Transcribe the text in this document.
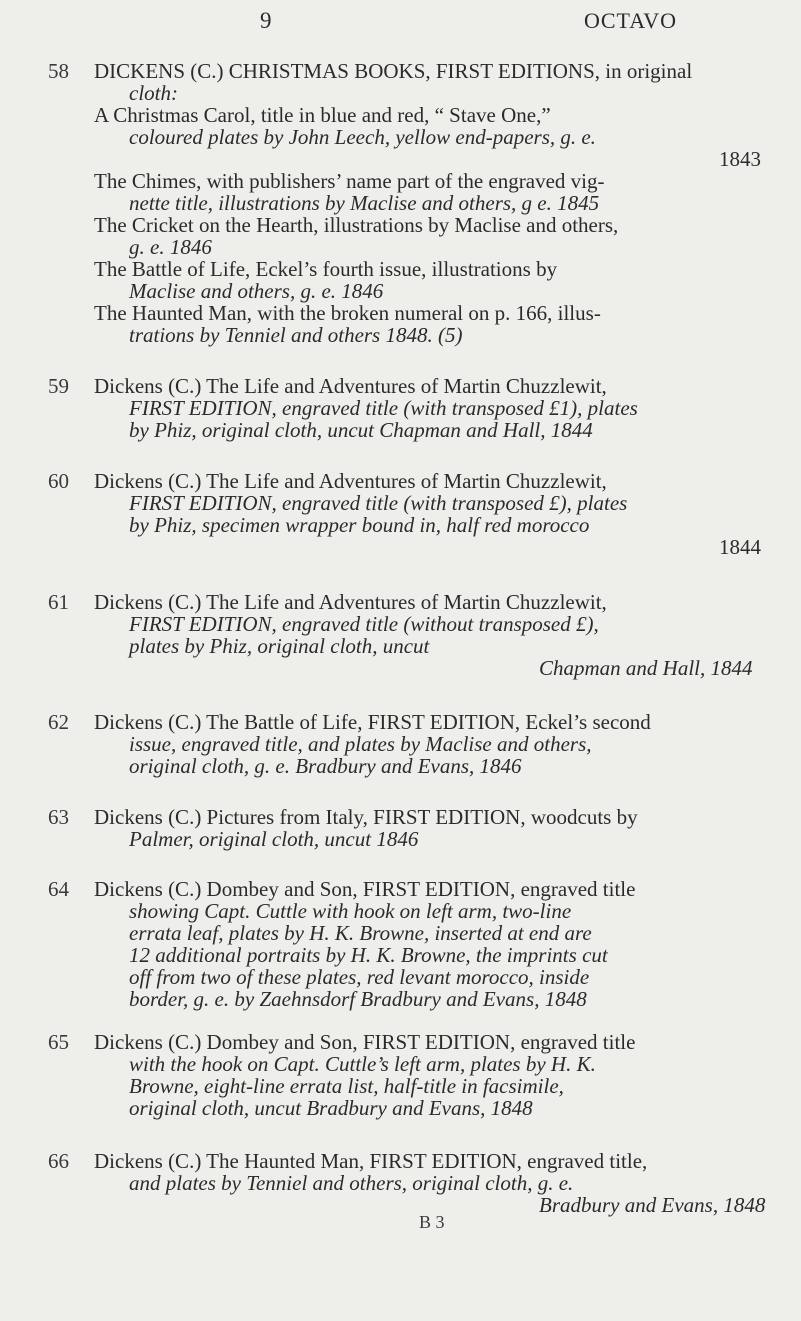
9	OCTAVO
58	DICKENS (C.) CHRISTMAS BOOKS, FIRST EDITIONS, in original
cloth:
A Christmas Carol, title in blue and red, “ Stave One,”
coloured plates by John Leech, yellow end-papers, g. e.
1843
The Chimes, with publishers’ name part of the engraved vig-
nette title, illustrations by Maclise and others, g e. 1845
The Cricket on the Hearth, illustrations by Maclise and others,
g. e. 1846
The Battle of Life, Eckel’s fourth issue, illustrations by
Maclise and others, g. e. 1846
The Haunted Man, with the broken numeral on p. 166, illus-
trations by Tenniel and others 1848. (5)
59	Dickens (C.) The Life and Adventures of Martin Chuzzlewit,
FIRST EDITION, engraved title (with transposed £1), plates
by Phiz, original cloth, uncut Chapman and Hall, 1844
60	Dickens (C.) The Life and Adventures of Martin Chuzzlewit,
FIRST EDITION, engraved title (with transposed £), plates
by Phiz, specimen wrapper bound in, half red morocco
1844
61	Dickens (C.) The Life and Adventures of Martin Chuzzlewit,
FIRST EDITION, engraved title (without transposed £),
plates by Phiz, original cloth, uncut
Chapman and Hall, 1844
62	Dickens (C.) The Battle of Life, FIRST EDITION, Eckel’s second
issue, engraved title, and plates by Maclise and others,
original cloth, g. e. Bradbury and Evans, 1846
63	Dickens (C.) Pictures from Italy, FIRST EDITION, woodcuts by
Palmer, original cloth, uncut 1846
64	Dickens (C.) Dombey and Son, FIRST EDITION, engraved title
showing Capt. Cuttle with hook on left arm, two-line
errata leaf, plates by H. K. Browne, inserted at end are
12 additional portraits by H. K. Browne, the imprints cut
off from two of these plates, red levant morocco, inside
border, g. e. by Zaehnsdorf Bradbury and Evans, 1848
65	Dickens (C.) Dombey and Son, FIRST EDITION, engraved title
with the hook on Capt. Cuttle’s left arm, plates by H. K.
Browne, eight-line errata list, half-title in facsimile,
original cloth, uncut Bradbury and Evans, 1848
66	Dickens (C.) The Haunted Man, FIRST EDITION, engraved title,
and plates by Tenniel and others, original cloth, g. e.
Bradbury and Evans, 1848
B 3
